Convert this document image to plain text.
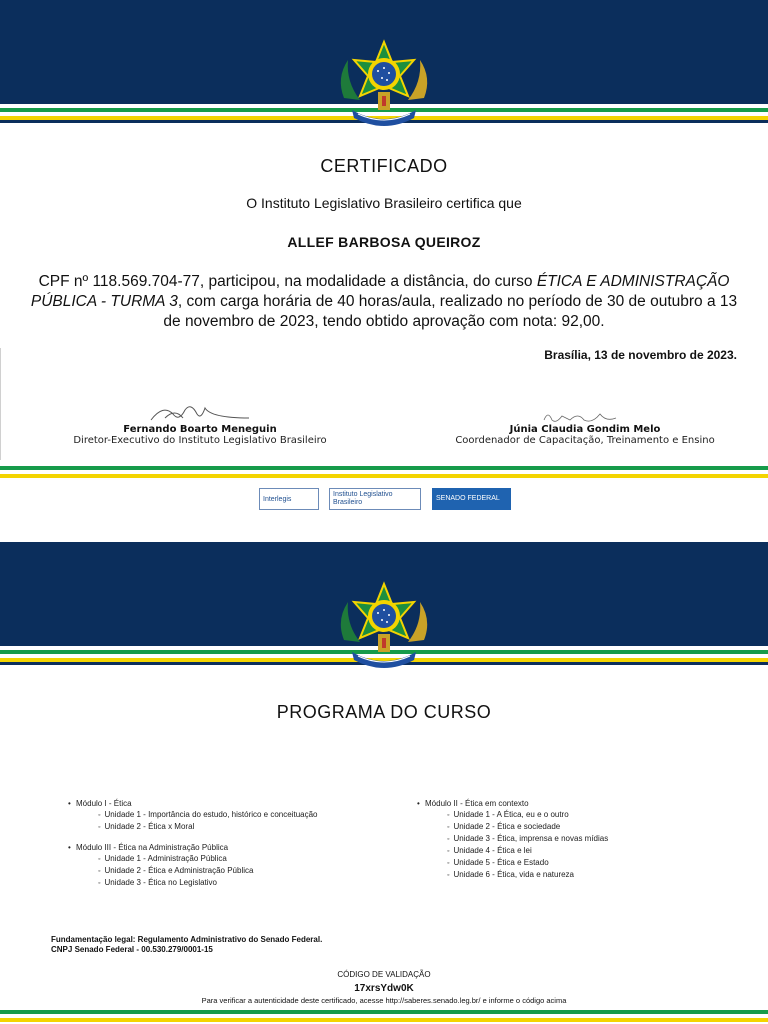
CERTIFICADO
O Instituto Legislativo Brasileiro certifica que
ALLEF BARBOSA QUEIROZ
CPF nº 118.569.704-77, participou, na modalidade a distância, do curso ÉTICA E ADMINISTRAÇÃO PÚBLICA - TURMA 3, com carga horária de 40 horas/aula, realizado no período de 30 de outubro a 13 de novembro de 2023, tendo obtido aprovação com nota: 92,00.
Brasília, 13 de novembro de 2023.
Fernando Boarto Meneguin
Diretor-Executivo do Instituto Legislativo Brasileiro
Júnia Claudia Gondim Melo
Coordenador de Capacitação, Treinamento e Ensino
Interlegis
Instituto Legislativo Brasileiro
SENADO FEDERAL
PROGRAMA DO CURSO
• Módulo I - Ética
◦ Unidade 1 - Importância do estudo, histórico e conceituação
◦ Unidade 2 - Ética x Moral
• Módulo III - Ética na Administração Pública
◦ Unidade 1 - Administração Pública
◦ Unidade 2 - Ética e Administração Pública
◦ Unidade 3 - Ética no Legislativo
• Módulo II - Ética em contexto
◦ Unidade 1 - A Ética, eu e o outro
◦ Unidade 2 - Ética e sociedade
◦ Unidade 3 - Ética, imprensa e novas mídias
◦ Unidade 4 - Ética e lei
◦ Unidade 5 - Ética e Estado
◦ Unidade 6 - Ética, vida e natureza
Fundamentação legal: Regulamento Administrativo do Senado Federal.
CNPJ Senado Federal - 00.530.279/0001-15
CÓDIGO DE VALIDAÇÃO
17xrsYdw0K
Para verificar a autenticidade deste certificado, acesse http://saberes.senado.leg.br/ e informe o código acima
